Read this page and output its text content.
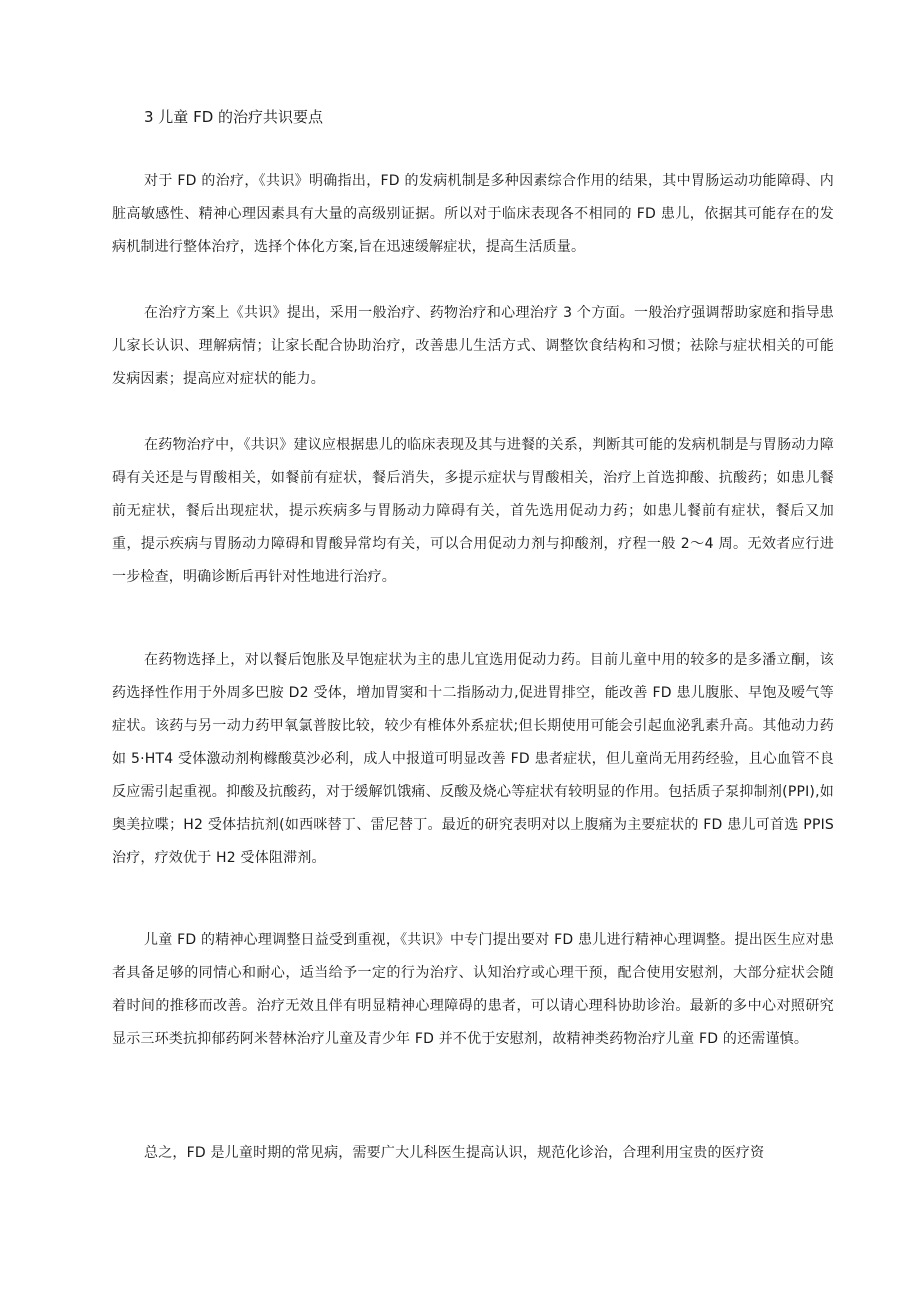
3 儿童 FD 的治疗共识要点

对于 FD 的治疗，《共识》明确指出，FD 的发病机制是多种因素综合作用的结果，其中胃肠运动功能障碍、内脏高敏感性、精神心理因素具有大量的高级别证据。所以对于临床表现各不相同的 FD 患儿，依据其可能存在的发病机制进行整体治疗，选择个体化方案,旨在迅速缓解症状，提高生活质量。

在治疗方案上《共识》提出，采用一般治疗、药物治疗和心理治疗 3 个方面。一般治疗强调帮助家庭和指导患儿家长认识、理解病情；让家长配合协助治疗，改善患儿生活方式、调整饮食结构和习惯；祛除与症状相关的可能发病因素；提高应对症状的能力。

在药物治疗中，《共识》建议应根据患儿的临床表现及其与进餐的关系，判断其可能的发病机制是与胃肠动力障碍有关还是与胃酸相关，如餐前有症状，餐后消失，多提示症状与胃酸相关，治疗上首选抑酸、抗酸药；如患儿餐前无症状，餐后出现症状，提示疾病多与胃肠动力障碍有关，首先选用促动力药；如患儿餐前有症状，餐后又加重，提示疾病与胃肠动力障碍和胃酸异常均有关，可以合用促动力剂与抑酸剂，疗程一般 2～4 周。无效者应行进一步检查，明确诊断后再针对性地进行治疗。

在药物选择上，对以餐后饱胀及早饱症状为主的患儿宜选用促动力药。目前儿童中用的较多的是多潘立酮，该药选择性作用于外周多巴胺 D2 受体，增加胃窦和十二指肠动力,促进胃排空，能改善 FD 患儿腹胀、早饱及嗳气等症状。该药与另一动力药甲氧氯普胺比较，较少有椎体外系症状;但长期使用可能会引起血泌乳素升高。其他动力药如 5·HT4 受体激动剂枸橼酸莫沙必利，成人中报道可明显改善 FD 患者症状，但儿童尚无用药经验，且心血管不良反应需引起重视。抑酸及抗酸药，对于缓解饥饿痛、反酸及烧心等症状有较明显的作用。包括质子泵抑制剂(PPI),如奥美拉喋；H2 受体拮抗剂(如西咪替丁、雷尼替丁。最近的研究表明对以上腹痛为主要症状的 FD 患儿可首选 PPIS 治疗，疗效优于 H2 受体阻滞剂。

儿童 FD 的精神心理调整日益受到重视，《共识》中专门提出要对 FD 患儿进行精神心理调整。提出医生应对患者具备足够的同情心和耐心，适当给予一定的行为治疗、认知治疗或心理干预，配合使用安慰剂，大部分症状会随着时间的推移而改善。治疗无效且伴有明显精神心理障碍的患者，可以请心理科协助诊治。最新的多中心对照研究显示三环类抗抑郁药阿米替林治疗儿童及青少年 FD 并不优于安慰剂，故精神类药物治疗儿童 FD 的还需谨慎。

总之，FD 是儿童时期的常见病，需要广大儿科医生提高认识，规范化诊治，合理利用宝贵的医疗资
